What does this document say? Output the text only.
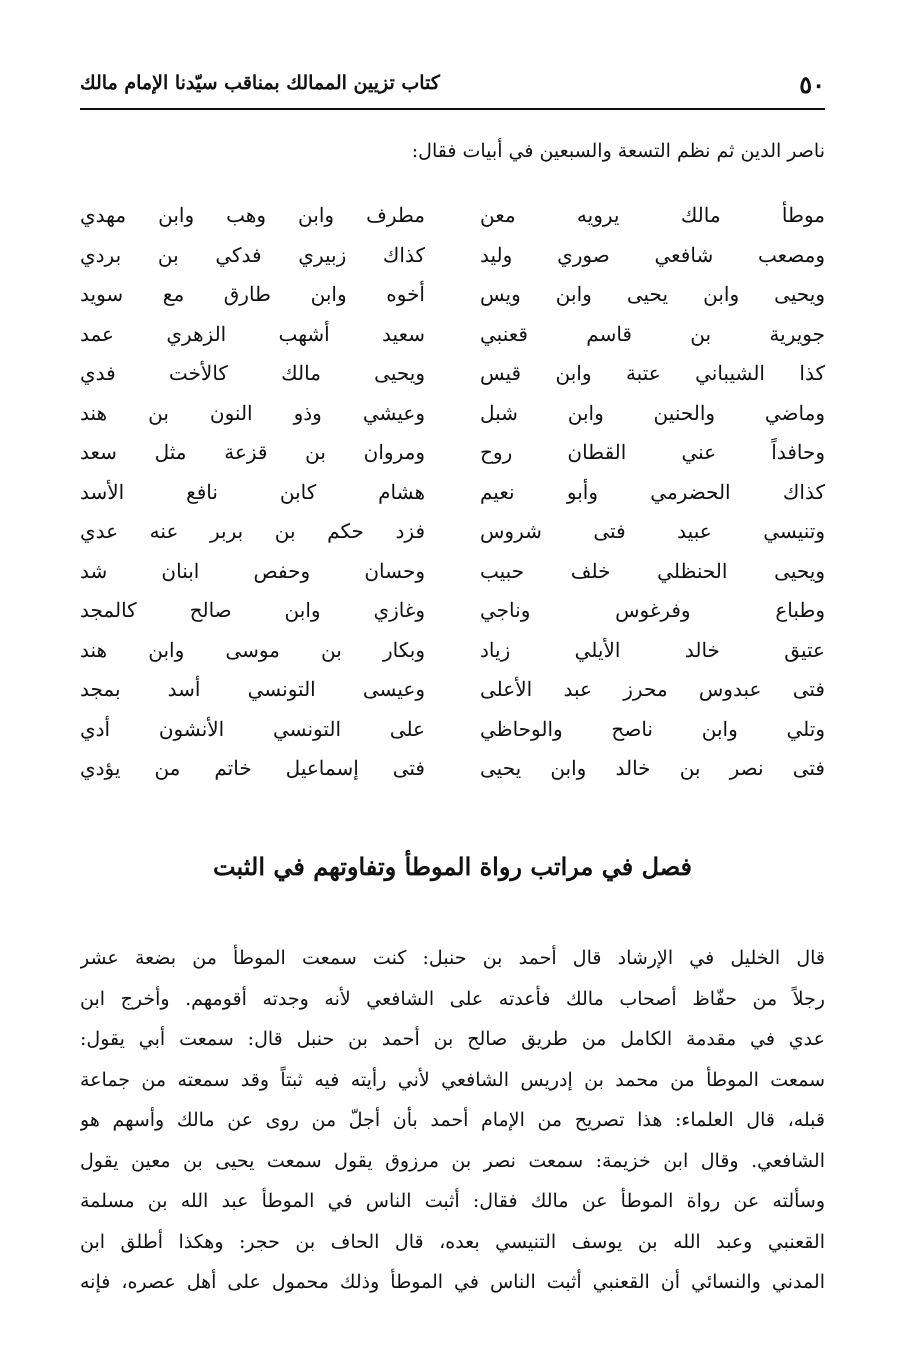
٥٠
كتاب تزيين الممالك بمناقب سيّدنا الإمام مالك
ناصر الدين ثم نظم التسعة والسبعين في أبيات فقال:
موطأ مالك يرويه معن
مطرف وابن وهب وابن مهدي
ومصعب شافعي صوري وليد
كذاك زبيري فدكي بن بردي
ويحيى وابن يحيى وابن ويس
أخوه وابن طارق مع سويد
جويرية بن قاسم قعنبي
سعيد أشهب الزهري عمد
كذا الشيباني عتبة وابن قيس
ويحيى مالك كالأخت فدي
وماضي والحنين وابن شبل
وعيشي وذو النون بن هند
وحافداً عني القطان روح
ومروان بن قزعة مثل سعد
كذاك الحضرمي وأبو نعيم
هشام كابن نافع الأسد
وتنيسي عبيد فتى شروس
فزد حكم بن بربر عنه عدي
ويحيى الحنظلي خلف حبيب
وحسان وحفص ابنان شد
وطباع وفرغوس وناجي
وغازي وابن صالح كالمجد
عتيق خالد الأيلي زياد
وبكار بن موسى وابن هند
فتى عبدوس محرز عبد الأعلى
وعيسى التونسي أسد بمجد
وتلي وابن ناصح والوحاظي
على التونسي الأنشون أدي
فتى نصر بن خالد وابن يحيى
فتى إسماعيل خاتم من يؤدي
فصل في مراتب رواة الموطأ وتفاوتهم في الثبت
قال الخليل في الإرشاد قال أحمد بن حنبل: كنت سمعت الموطأ من بضعة عشر
رجلاً من حفّاظ أصحاب مالك فأعدته على الشافعي لأنه وجدته أقومهم. وأخرج ابن
عدي في مقدمة الكامل من طريق صالح بن أحمد بن حنبل قال: سمعت أبي يقول:
سمعت الموطأ من محمد بن إدريس الشافعي لأني رأيته فيه ثبتاً وقد سمعته من جماعة
قبله، قال العلماء: هذا تصريح من الإمام أحمد بأن أجلّ من روى عن مالك وأسهم هو
الشافعي. وقال ابن خزيمة: سمعت نصر بن مرزوق يقول سمعت يحيى بن معين يقول
وسألته عن رواة الموطأ عن مالك فقال: أثبت الناس في الموطأ عبد الله بن مسلمة
القعنبي وعبد الله بن يوسف التنيسي بعده، قال الحاف بن حجر: وهكذا أطلق ابن
المدني والنسائي أن القعنبي أثبت الناس في الموطأ وذلك محمول على أهل عصره، فإنه
